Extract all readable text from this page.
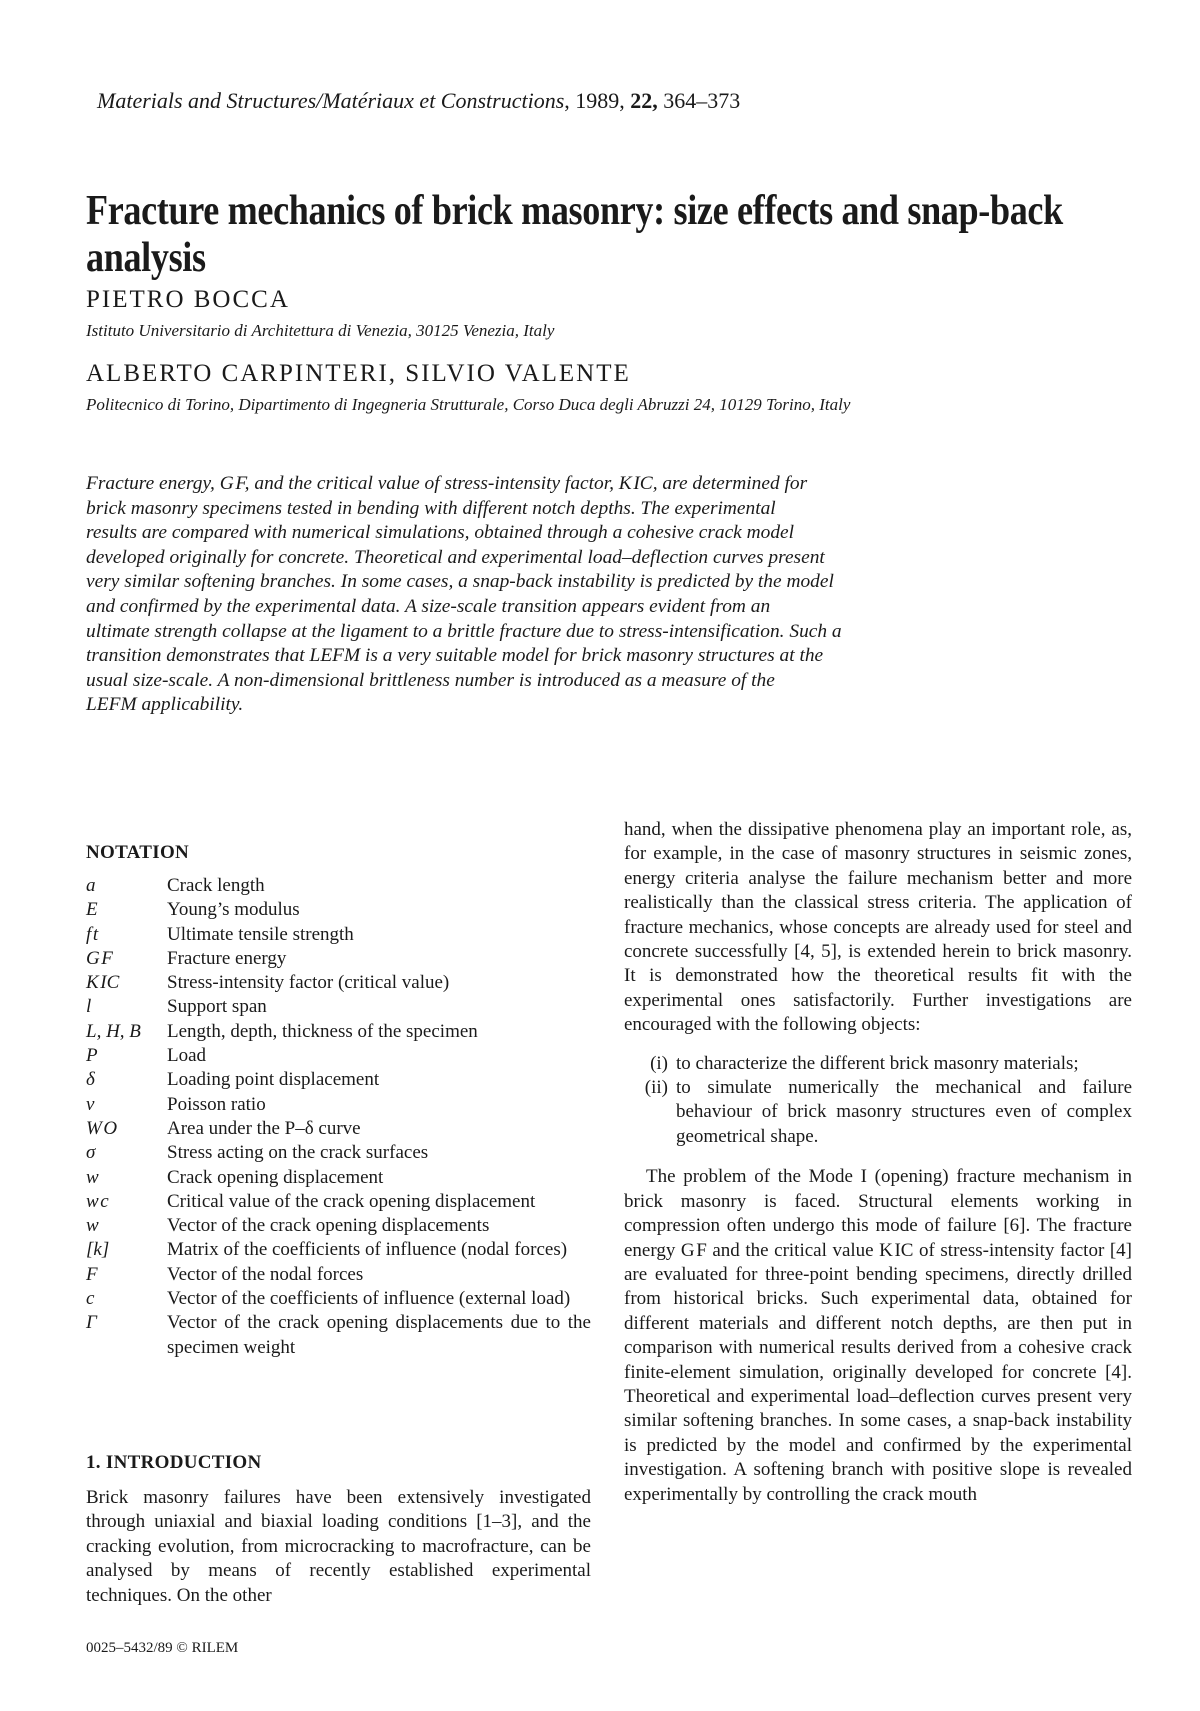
Materials and Structures/Matériaux et Constructions, 1989, 22, 364–373
Fracture mechanics of brick masonry: size effects and snap-back analysis
PIETRO BOCCA
Istituto Universitario di Architettura di Venezia, 30125 Venezia, Italy
ALBERTO CARPINTERI, SILVIO VALENTE
Politecnico di Torino, Dipartimento di Ingegneria Strutturale, Corso Duca degli Abruzzi 24, 10129 Torino, Italy

Fracture energy, G F, and the critical value of stress-intensity factor, K IC, are determined for

brick masonry specimens tested in bending with different notch depths. The experimental

results are compared with numerical simulations, obtained through a cohesive crack model

developed originally for concrete. Theoretical and experimental load–deflection curves present

very similar softening branches. In some cases, a snap-back instability is predicted by the model

and confirmed by the experimental data. A size-scale transition appears evident from an

ultimate strength collapse at the ligament to a brittle fracture due to stress-intensification. Such a

transition demonstrates that LEFM is a very suitable model for brick masonry structures at the

usual size-scale. A non-dimensional brittleness number is introduced as a measure of the

LEFM applicability.

NOTATION
a	Crack length
E	Young’s modulus
f t	Ultimate tensile strength
G F	Fracture energy
K IC	Stress-intensity factor (critical value)
l	Support span
L, H, B	Length, depth, thickness of the specimen
P	Load
δ	Loading point displacement
ν	Poisson ratio
W O	Area under the P–δ curve
σ	Stress acting on the crack surfaces
w	Crack opening displacement
w c	Critical value of the crack opening displacement
w	Vector of the crack opening displacements
[k]	Matrix of the coefficients of influence (nodal forces)
F	Vector of the nodal forces
c	Vector of the coefficients of influence (external load)
Γ	Vector of the crack opening displacements due to the specimen weight
1. INTRODUCTION

Brick masonry failures have been extensively investigated through uniaxial and biaxial loading conditions [1–3], and the cracking evolution, from microcracking to macrofracture, can be analysed by means of recently established experimental techniques. On the other

hand, when the dissipative phenomena play an important role, as, for example, in the case of masonry structures in seismic zones, energy criteria analyse the failure mechanism better and more realistically than the classical stress criteria. The application of fracture mechanics, whose concepts are already used for steel and concrete successfully [4, 5], is extended herein to brick masonry. It is demonstrated how the theoretical results fit with the experimental ones satisfactorily. Further investigations are encouraged with the following objects:

(i) to characterize the different brick masonry materials;
(ii) to simulate numerically the mechanical and failure behaviour of brick masonry structures even of complex geometrical shape.

The problem of the Mode I (opening) fracture mechanism in brick masonry is faced. Structural elements working in compression often undergo this mode of failure [6]. The fracture energy G F and the critical value K IC of stress-intensity factor [4] are evaluated for three-point bending specimens, directly drilled from historical bricks. Such experimental data, obtained for different materials and different notch depths, are then put in comparison with numerical results derived from a cohesive crack finite-element simulation, originally developed for concrete [4]. Theoretical and experimental load–deflection curves present very similar softening branches. In some cases, a snap-back instability is predicted by the model and confirmed by the experimental investigation. A softening branch with positive slope is revealed experimentally by controlling the crack mouth

0025–5432/89 © RILEM
